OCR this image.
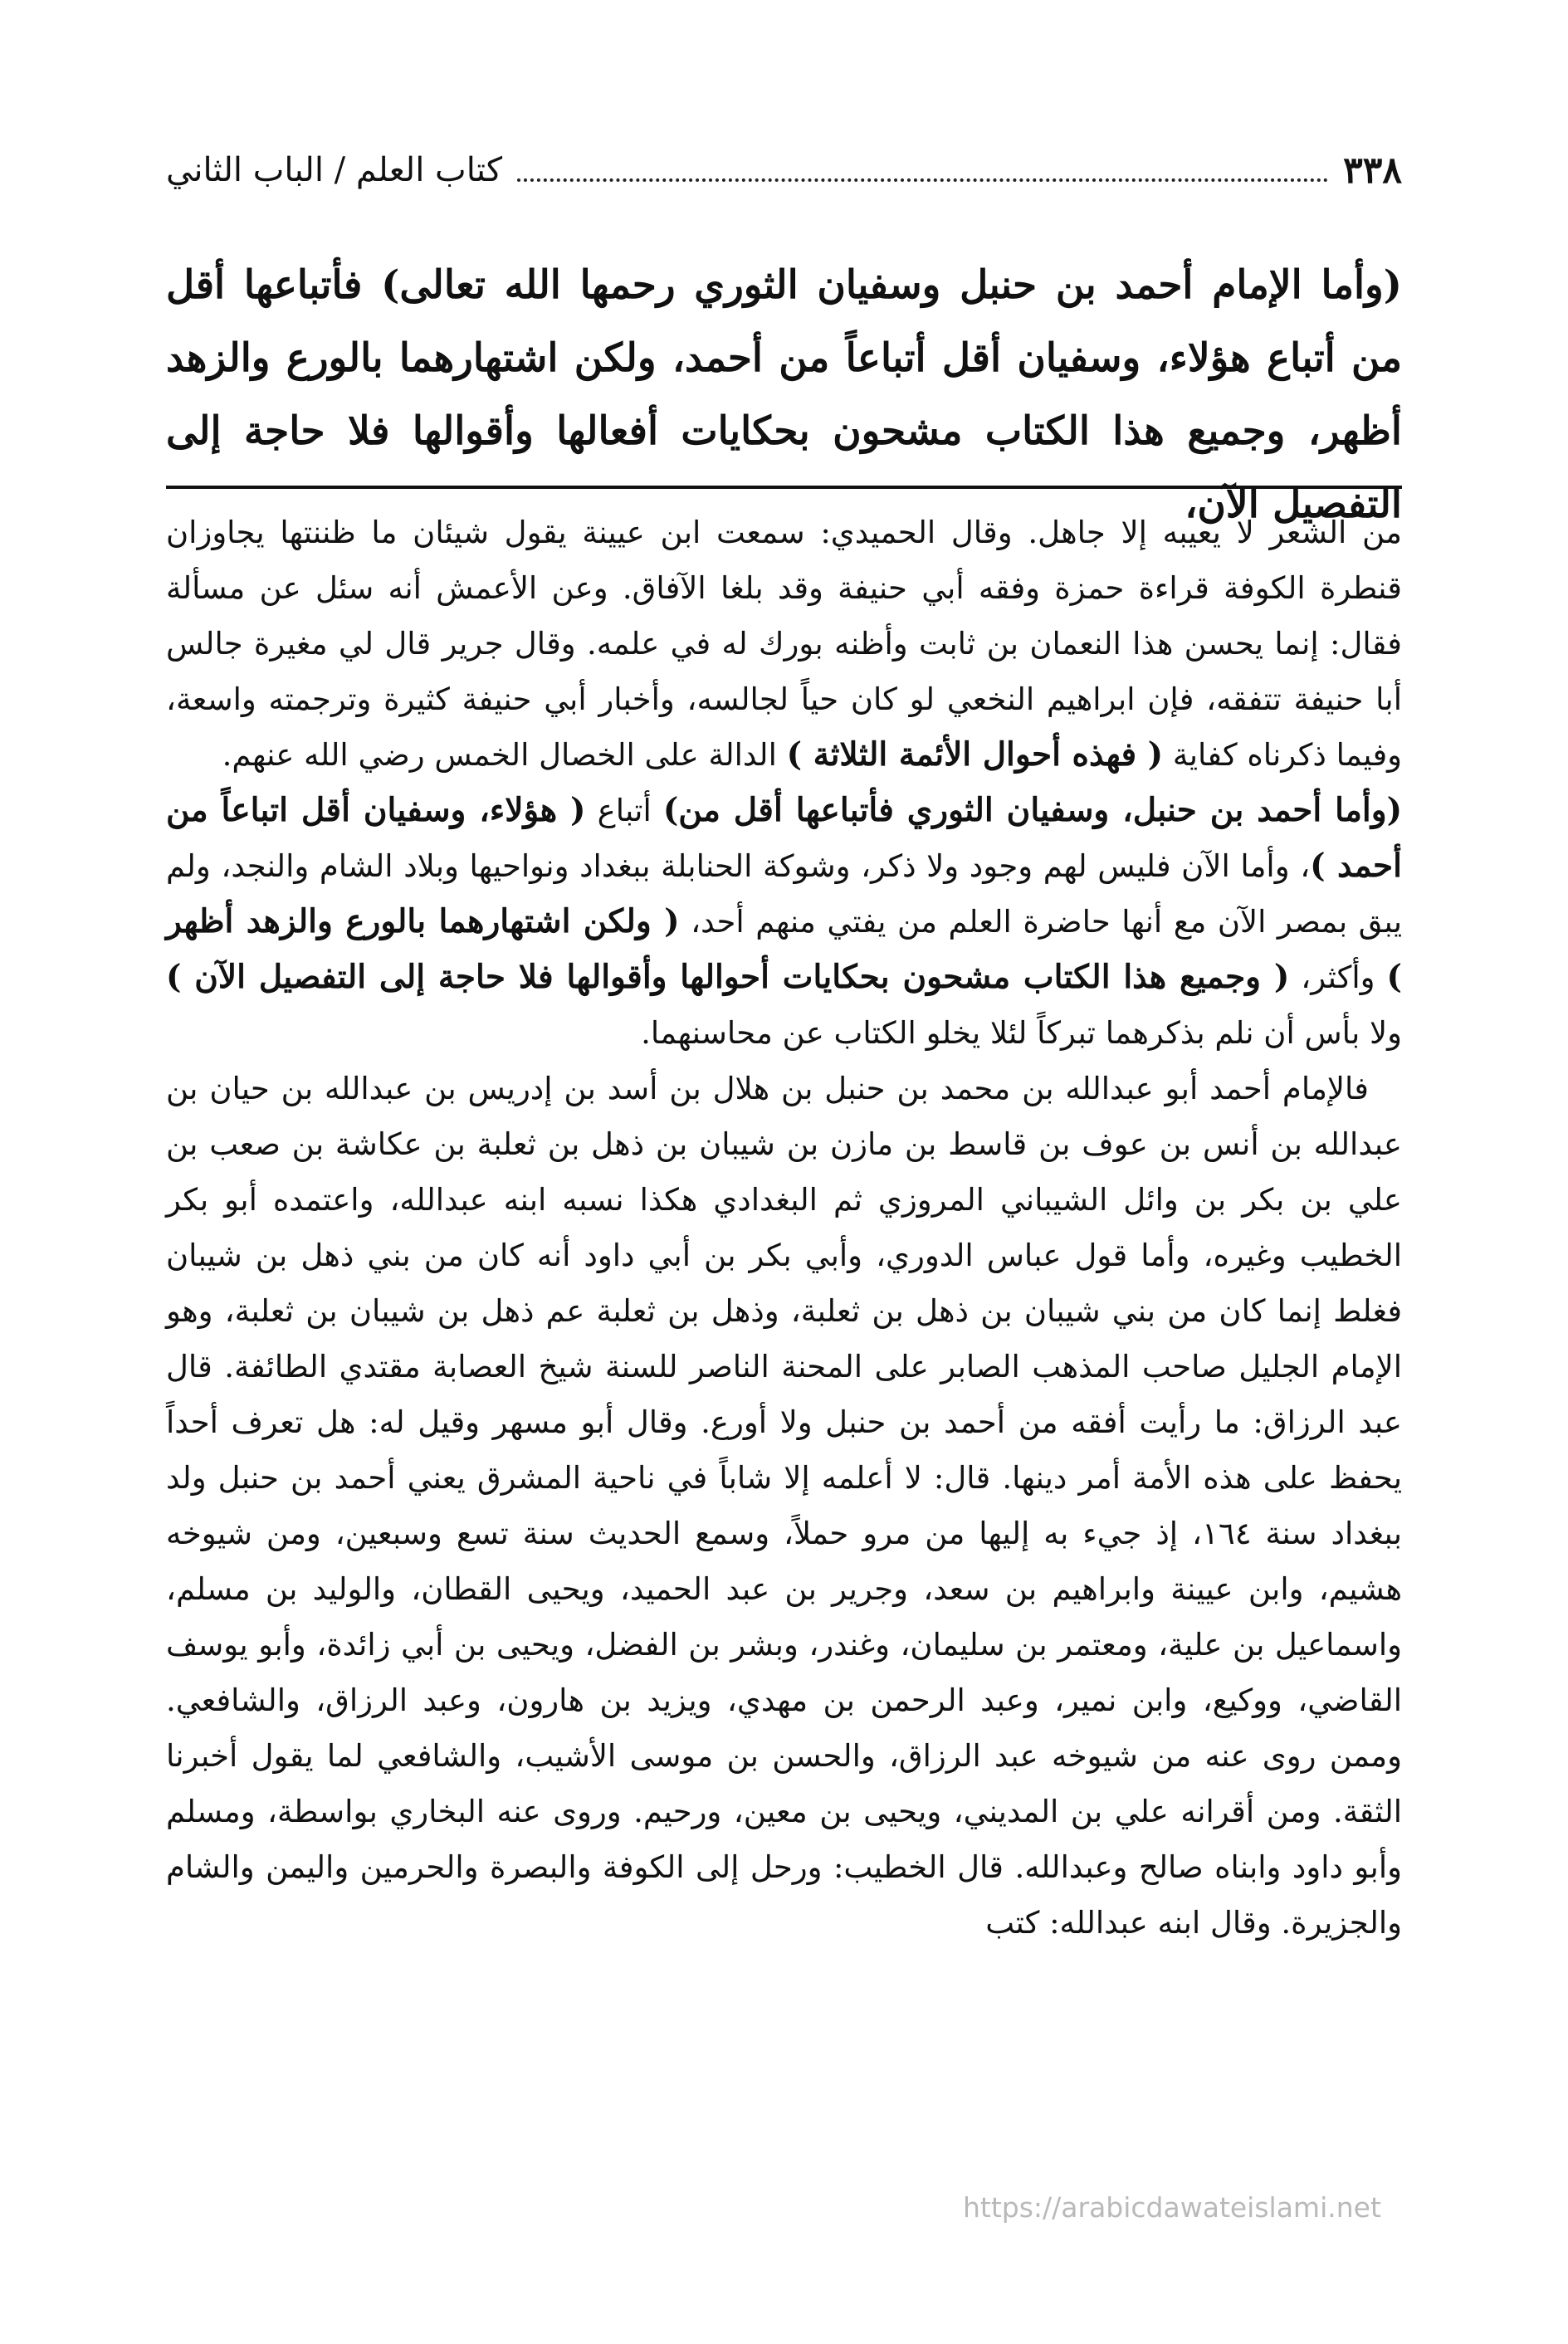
٣٣٨
كتاب العلم / الباب الثاني
(وأما الإمام أحمد بن حنبل وسفيان الثوري رحمها الله تعالى) فأتباعها أقل من أتباع هؤلاء، وسفيان أقل أتباعاً من أحمد، ولكن اشتهارهما بالورع والزهد أظهر، وجميع هذا الكتاب مشحون بحكايات أفعالها وأقوالها فلا حاجة إلى التفصيل الآن،

من الشعر لا يعيبه إلا جاهل. وقال الحميدي: سمعت ابن عيينة يقول شيئان ما ظننتها يجاوزان قنطرة الكوفة قراءة حمزة وفقه أبي حنيفة وقد بلغا الآفاق. وعن الأعمش أنه سئل عن مسألة فقال: إنما يحسن هذا النعمان بن ثابت وأظنه بورك له في علمه. وقال جرير قال لي مغيرة جالس أبا حنيفة تتفقه، فإن ابراهيم النخعي لو كان حياً لجالسه، وأخبار أبي حنيفة كثيرة وترجمته واسعة، وفيما ذكرناه كفاية ( فهذه أحوال الأئمة الثلاثة ) الدالة على الخصال الخمس رضي الله عنهم.

(وأما أحمد بن حنبل، وسفيان الثوري فأتباعها أقل من) أتباع ( هؤلاء، وسفيان أقل اتباعاً من أحمد )، وأما الآن فليس لهم وجود ولا ذكر، وشوكة الحنابلة ببغداد ونواحيها وبلاد الشام والنجد، ولم يبق بمصر الآن مع أنها حاضرة العلم من يفتي منهم أحد، ( ولكن اشتهارهما بالورع والزهد أظهر ) وأكثر، ( وجميع هذا الكتاب مشحون بحكايات أحوالها وأقوالها فلا حاجة إلى التفصيل الآن ) ولا بأس أن نلم بذكرهما تبركاً لئلا يخلو الكتاب عن محاسنهما.

فالإمام أحمد أبو عبدالله بن محمد بن حنبل بن هلال بن أسد بن إدريس بن عبدالله بن حيان بن عبدالله بن أنس بن عوف بن قاسط بن مازن بن شيبان بن ذهل بن ثعلبة بن عكاشة بن صعب بن علي بن بكر بن وائل الشيباني المروزي ثم البغدادي هكذا نسبه ابنه عبدالله، واعتمده أبو بكر الخطيب وغيره، وأما قول عباس الدوري، وأبي بكر بن أبي داود أنه كان من بني ذهل بن شيبان فغلط إنما كان من بني شيبان بن ذهل بن ثعلبة، وذهل بن ثعلبة عم ذهل بن شيبان بن ثعلبة، وهو الإمام الجليل صاحب المذهب الصابر على المحنة الناصر للسنة شيخ العصابة مقتدي الطائفة. قال عبد الرزاق: ما رأيت أفقه من أحمد بن حنبل ولا أورع. وقال أبو مسهر وقيل له: هل تعرف أحداً يحفظ على هذه الأمة أمر دينها. قال: لا أعلمه إلا شاباً في ناحية المشرق يعني أحمد بن حنبل ولد ببغداد سنة ١٦٤، إذ جيء به إليها من مرو حملاً، وسمع الحديث سنة تسع وسبعين، ومن شيوخه هشيم، وابن عيينة وابراهيم بن سعد، وجرير بن عبد الحميد، ويحيى القطان، والوليد بن مسلم، واسماعيل بن علية، ومعتمر بن سليمان، وغندر، وبشر بن الفضل، ويحيى بن أبي زائدة، وأبو يوسف القاضي، ووكيع، وابن نمير، وعبد الرحمن بن مهدي، ويزيد بن هارون، وعبد الرزاق، والشافعي. وممن روى عنه من شيوخه عبد الرزاق، والحسن بن موسى الأشيب، والشافعي لما يقول أخبرنا الثقة. ومن أقرانه علي بن المديني، ويحيى بن معين، ورحيم. وروى عنه البخاري بواسطة، ومسلم وأبو داود وابناه صالح وعبدالله. قال الخطيب: ورحل إلى الكوفة والبصرة والحرمين واليمن والشام والجزيرة. وقال ابنه عبدالله: كتب

https://arabicdawateislami.net
